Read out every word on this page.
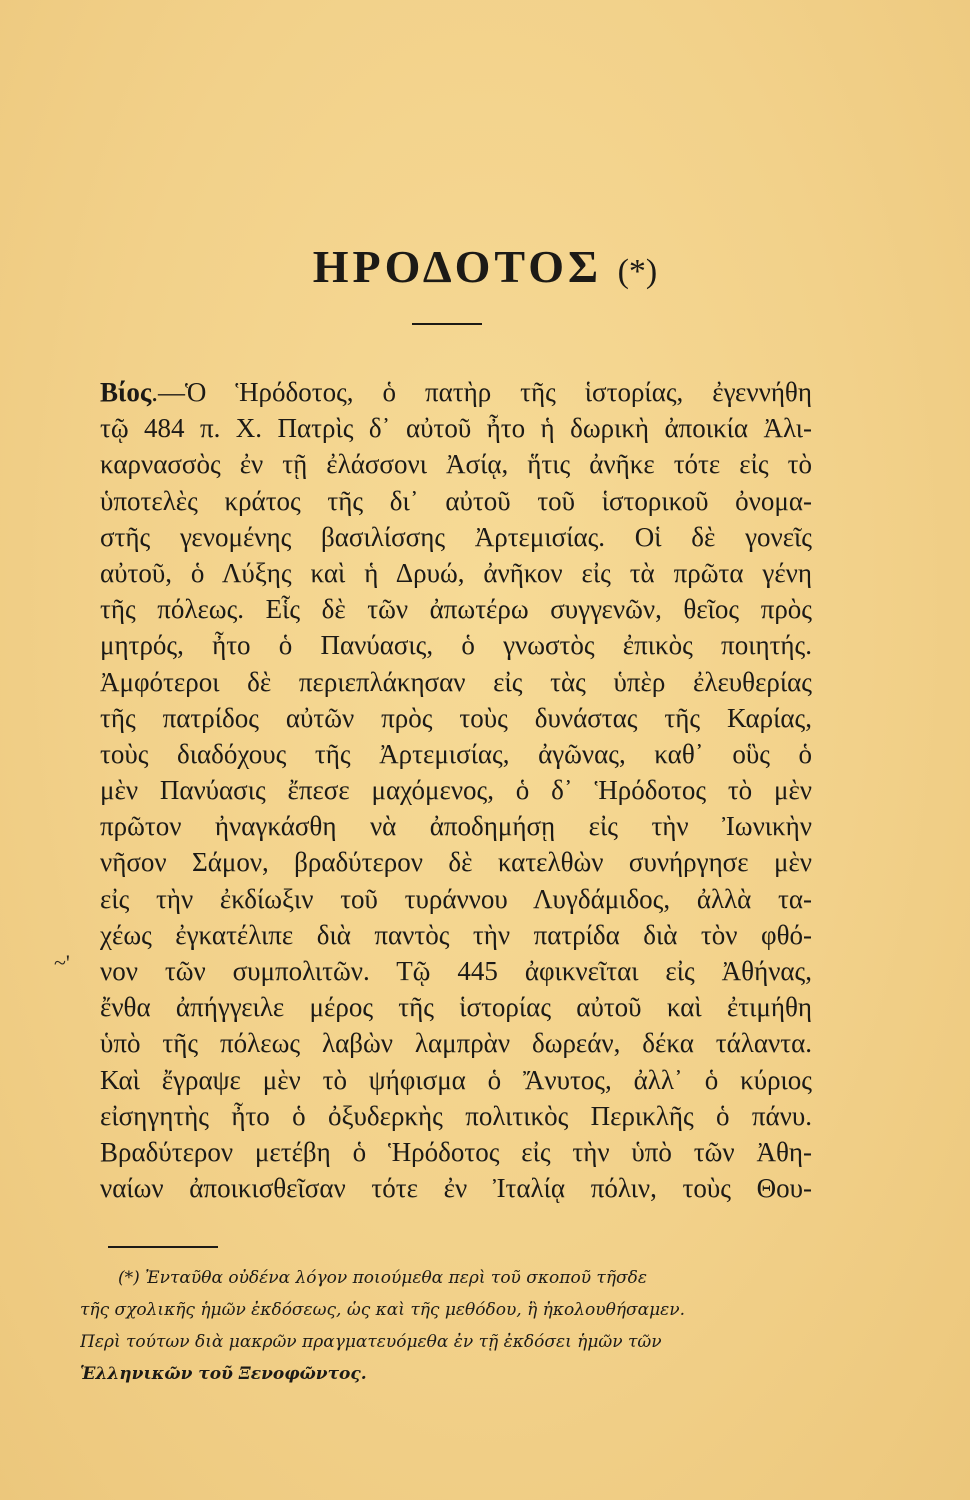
ΗΡΟΔΟΤΟΣ (*)
Βίος.—Ὁ Ἡρόδοτος, ὁ πατὴρ τῆς ἱστορίας, ἐγεννήθη
τῷ 484 π. Χ. Πατρὶς δ᾽ αὐτοῦ ἦτο ἡ δωρικὴ ἀποικία Ἀλι-
καρνασσὸς ἐν τῇ ἐλάσσονι Ἀσίᾳ, ἥτις ἀνῆκε τότε εἰς τὸ
ὑποτελὲς κράτος τῆς δι᾽ αὐτοῦ τοῦ ἱστορικοῦ ὀνομα-
στῆς γενομένης βασιλίσσης Ἀρτεμισίας. Οἱ δὲ γονεῖς
αὐτοῦ, ὁ Λύξης καὶ ἡ Δρυώ, ἀνῆκον εἰς τὰ πρῶτα γένη
τῆς πόλεως. Εἷς δὲ τῶν ἀπωτέρω συγγενῶν, θεῖος πρὸς
μητρός, ἦτο ὁ Πανύασις, ὁ γνωστὸς ἐπικὸς ποιητής.
Ἀμφότεροι δὲ περιεπλάκησαν εἰς τὰς ὑπὲρ ἐλευθερίας
τῆς πατρίδος αὐτῶν πρὸς τοὺς δυνάστας τῆς Καρίας,
τοὺς διαδόχους τῆς Ἀρτεμισίας, ἀγῶνας, καθ᾽ οὓς ὁ
μὲν Πανύασις ἔπεσε μαχόμενος, ὁ δ᾽ Ἡρόδοτος τὸ μὲν
πρῶτον ἠναγκάσθη νὰ ἀποδημήσῃ εἰς τὴν Ἰωνικὴν
νῆσον Σάμον, βραδύτερον δὲ κατελθὼν συνήργησε μὲν
εἰς τὴν ἐκδίωξιν τοῦ τυράννου Λυγδάμιδος, ἀλλὰ τα-
χέως ἐγκατέλιπε διὰ παντὸς τὴν πατρίδα διὰ τὸν φθό-
νον τῶν συμπολιτῶν. Τῷ 445 ἀφικνεῖται εἰς Ἀθήνας,
ἔνθα ἀπήγγειλε μέρος τῆς ἱστορίας αὐτοῦ καὶ ἐτιμήθη
ὑπὸ τῆς πόλεως λαβὼν λαμπρὰν δωρεάν, δέκα τάλαντα.
Καὶ ἔγραψε μὲν τὸ ψήφισμα ὁ Ἄνυτος, ἀλλ᾽ ὁ κύριος
εἰσηγητὴς ἦτο ὁ ὀξυδερκὴς πολιτικὸς Περικλῆς ὁ πάνυ.
Βραδύτερον μετέβη ὁ Ἡρόδοτος εἰς τὴν ὑπὸ τῶν Ἀθη-
ναίων ἀποικισθεῖσαν τότε ἐν Ἰταλίᾳ πόλιν, τοὺς Θου-
~'
(*) Ἐνταῦθα οὐδένα λόγον ποιούμεθα περὶ τοῦ σκοποῦ τῆσδε
τῆς σχολικῆς ἡμῶν ἐκδόσεως, ὡς καὶ τῆς μεθόδου, ἣ ἠκολουθήσαμεν.
Περὶ τούτων διὰ μακρῶν πραγματευόμεθα ἐν τῇ ἐκδόσει ἡμῶν τῶν
Ἑλληνικῶν τοῦ Ξενοφῶντος.
